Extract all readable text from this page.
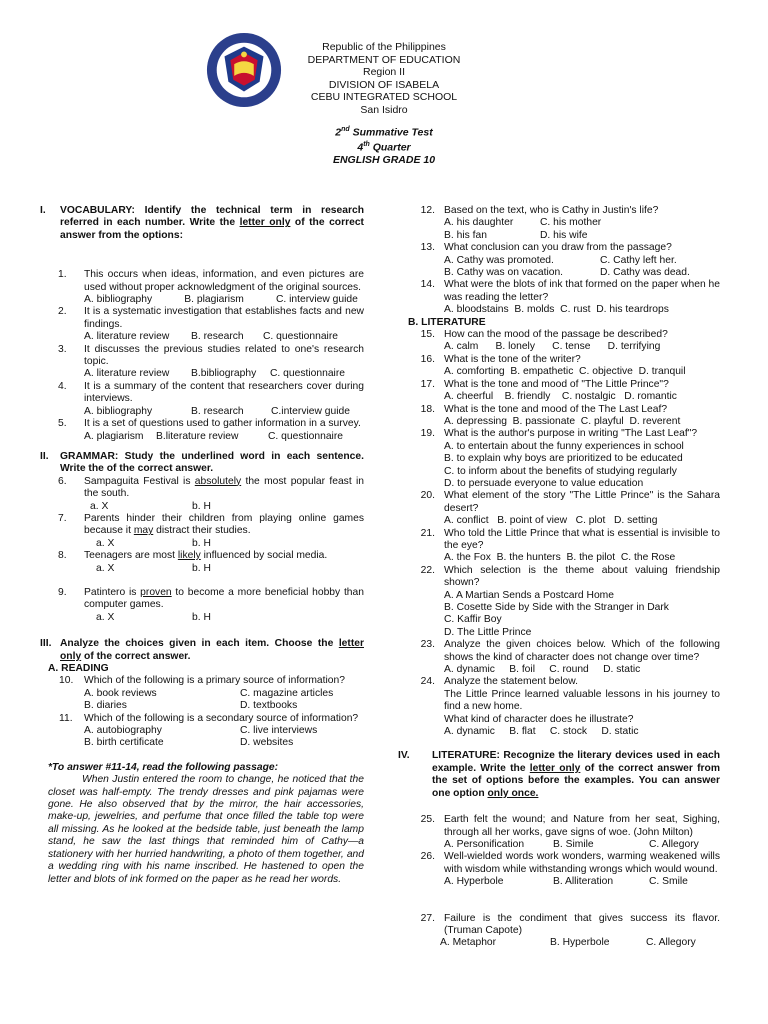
Republic of the Philippines
DEPARTMENT OF EDUCATION
Region II
DIVISION OF ISABELA
CEBU INTEGRATED SCHOOL
San Isidro
2nd Summative Test
4th Quarter
ENGLISH GRADE 10
I.	VOCABULARY: Identify the technical term in research referred in each number. Write the letter only of the correct answer from the options:
1.	This occurs when ideas, information, and even pictures are used without proper acknowledgment of the original sources.
A. bibliography	B. plagiarism	C. interview guide
2.	It is a systematic investigation that establishes facts and new findings.
A. literature review	B. research	C. questionnaire
3.	It discusses the previous studies related to one's research topic.
A. literature review	B.bibliography	C. questionnaire
4.	It is a summary of the content that researchers cover during interviews.
A. bibliography	B. research	C.interview guide
5.	It is a set of questions used to gather information in a survey.
A. plagiarism	B.literature review	C. questionnaire
II.	GRAMMAR: Study the underlined word in each sentence. Write the of the correct answer.
6.	Sampaguita Festival is absolutely the most popular feast in the south.
a. X	b. H
7.	Parents hinder their children from playing online games because it may distract their studies.
a. X	b. H
8.	Teenagers are most likely influenced by social media.
a. X	b. H
9.	Patintero is proven to become a more beneficial hobby than computer games.
a. X	b. H
III. Analyze the choices given in each item. Choose the letter only of the correct answer.
A. READING
10.	Which of the following is a primary source of information?
A. book reviews	C. magazine articles
B. diaries	D. textbooks
11.	Which of the following is a secondary source of information?
A. autobiography	C. live interviews
B. birth certificate	D. websites
*To answer #11-14, read the following passage:
When Justin entered the room to change, he noticed that the closet was half-empty. The trendy dresses and pink pajamas were gone. He also observed that by the mirror, the hair accessories, make-up, jewelries, and perfume that once filled the table top were all missing. As he looked at the bedside table, just beneath the lamp stand, he saw the last things that reminded him of Cathy—a stationery with her hurried handwriting, a photo of them together, and a wedding ring with his name inscribed. He hastened to open the letter and blots of ink formed on the paper as he read her words.
12. Based on the text, who is Cathy in Justin's life?
A. his daughter	C. his mother
B. his fan	D. his wife
13. What conclusion can you draw from the passage?
A. Cathy was promoted.	C. Cathy left her.
B. Cathy was on vacation.	D. Cathy was dead.
14. What were the blots of ink that formed on the paper when he was reading the letter?
A. bloodstains  B. molds  C. rust  D. his teardrops
B. LITERATURE
15. How can the mood of the passage be described?
A. calm      B. lonely      C. tense      D. terrifying
16. What is the tone of the writer?
A. comforting  B. empathetic  C. objective  D. tranquil
17. What is the tone and mood of "The Little Prince"?
A. cheerful    B. friendly    C. nostalgic   D. romantic
18. What is the tone and mood of the The Last Leaf?
A. depressing  B. passionate  C. playful  D. reverent
19. What is the author's purpose in writing "The Last Leaf"?
A. to entertain about the funny experiences in school
B. to explain why boys are prioritized to be educated
C. to inform about the benefits of studying regularly
D. to persuade everyone to value education
20. What element of the story "The Little Prince" is the Sahara desert?
A. conflict   B. point of view   C. plot   D. setting
21. Who told the Little Prince that what is essential is invisible to the eye?
A. the Fox  B. the hunters  B. the pilot  C. the Rose
22. Which selection is the theme about valuing friendship shown?
A. A Martian Sends a Postcard Home
B. Cosette Side by Side with the Stranger in Dark
C. Kaffir Boy
D. The Little Prince
23. Analyze the given choices below. Which of the following shows the kind of character does not change over time?
A. dynamic     B. foil     C. round     D. static
24. Analyze the statement below.
The Little Prince learned valuable lessons in his journey to find a new home.
What kind of character does he illustrate?
A. dynamic     B. flat     C. stock     D. static
IV.	LITERATURE: Recognize the literary devices used in each example. Write the letter only of the correct answer from the set of options before the examples. You can answer one option only once.
25. Earth felt the wound; and Nature from her seat, Sighing, through all her works, gave signs of woe. (John Milton)
A. Personification	B. Simile	C. Allegory
26. Well-wielded words work wonders, warming weakened wills with wisdom while withstanding wrongs which would wound.
A. Hyperbole	B. Alliteration	C. Smile
27. Failure is the condiment that gives success its flavor. (Truman Capote)
A. Metaphor	B. Hyperbole	C. Allegory
